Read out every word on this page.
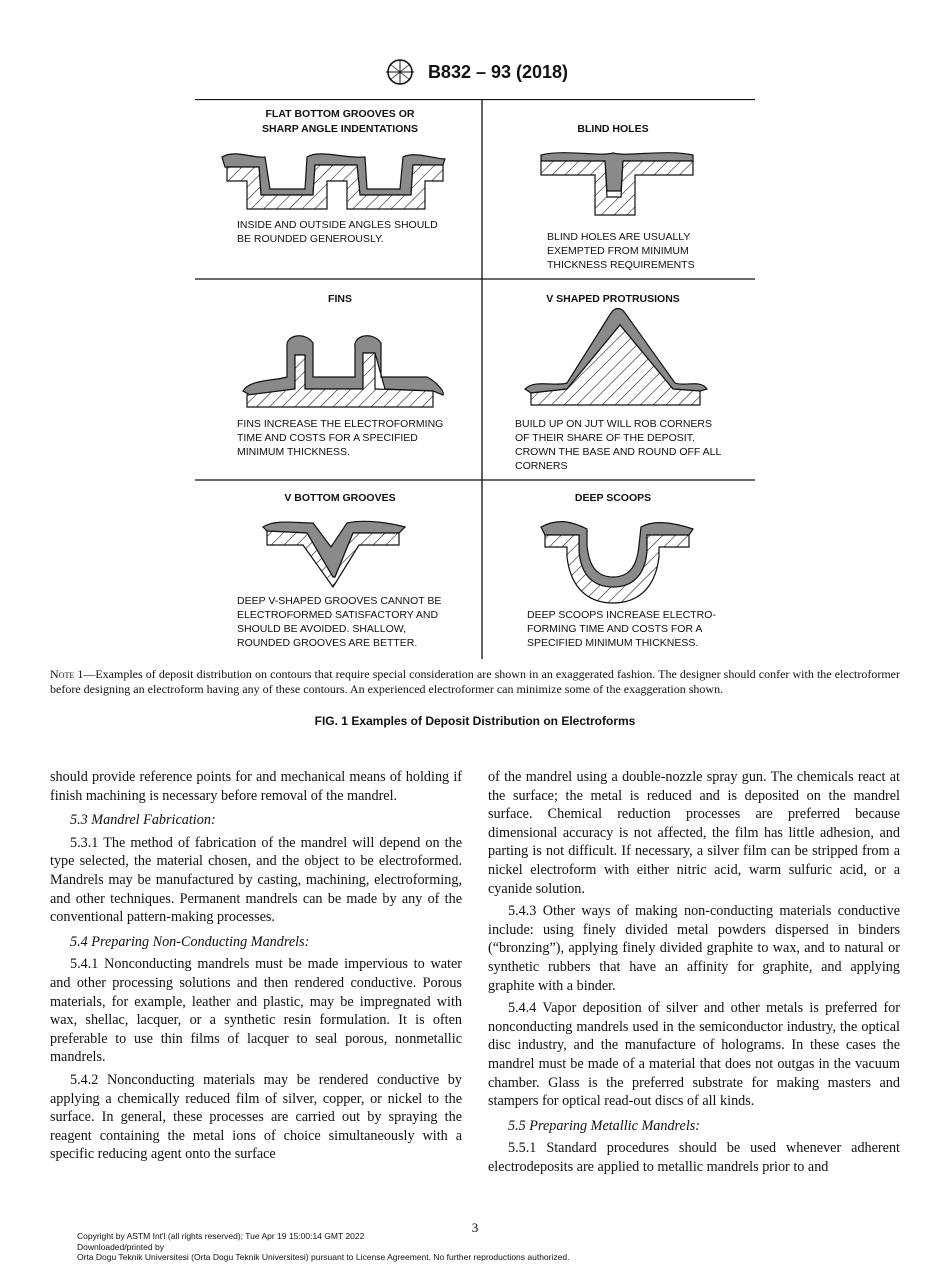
B832 – 93 (2018)
FLAT BOTTOM GROOVES OR
SHARP ANGLE INDENTATIONS
INSIDE AND OUTSIDE ANGLES SHOULD
BE ROUNDED GENEROUSLY.
BLIND HOLES
BLIND HOLES ARE USUALLY
EXEMPTED FROM MINIMUM
THICKNESS REQUIREMENTS
FINS
FINS INCREASE THE ELECTROFORMING
TIME AND COSTS FOR A SPECIFIED
MINIMUM THICKNESS.
V SHAPED PROTRUSIONS
BUILD UP ON JUT WILL ROB CORNERS
OF THEIR SHARE OF THE DEPOSIT.
CROWN THE BASE AND ROUND OFF ALL
CORNERS
V BOTTOM GROOVES
DEEP V-SHAPED GROOVES CANNOT BE
ELECTROFORMED SATISFACTORY AND
SHOULD BE AVOIDED. SHALLOW,
ROUNDED GROOVES ARE BETTER.
DEEP SCOOPS
DEEP SCOOPS INCREASE ELECTRO-
FORMING TIME AND COSTS FOR A
SPECIFIED MINIMUM THICKNESS.
Note 1—Examples of deposit distribution on contours that require special consideration are shown in an exaggerated fashion. The designer should confer with the electroformer before designing an electroform having any of these contours. An experienced electroformer can minimize some of the exaggeration shown.
FIG. 1 Examples of Deposit Distribution on Electroforms

should provide reference points for and mechanical means of holding if finish machining is necessary before removal of the mandrel.

5.3 Mandrel Fabrication:

5.3.1 The method of fabrication of the mandrel will depend on the type selected, the material chosen, and the object to be electroformed. Mandrels may be manufactured by casting, machining, electroforming, and other techniques. Permanent mandrels can be made by any of the conventional pattern-making processes.

5.4 Preparing Non-Conducting Mandrels:

5.4.1 Nonconducting mandrels must be made impervious to water and other processing solutions and then rendered conductive. Porous materials, for example, leather and plastic, may be impregnated with wax, shellac, lacquer, or a synthetic resin formulation. It is often preferable to use thin films of lacquer to seal porous, nonmetallic mandrels.

5.4.2 Nonconducting materials may be rendered conductive by applying a chemically reduced film of silver, copper, or nickel to the surface. In general, these processes are carried out by spraying the reagent containing the metal ions of choice simultaneously with a specific reducing agent onto the surface

of the mandrel using a double-nozzle spray gun. The chemicals react at the surface; the metal is reduced and is deposited on the mandrel surface. Chemical reduction processes are preferred because dimensional accuracy is not affected, the film has little adhesion, and parting is not difficult. If necessary, a silver film can be stripped from a nickel electroform with either nitric acid, warm sulfuric acid, or a cyanide solution.

5.4.3 Other ways of making non-conducting materials conductive include: using finely divided metal powders dispersed in binders (“bronzing”), applying finely divided graphite to wax, and to natural or synthetic rubbers that have an affinity for graphite, and applying graphite with a binder.

5.4.4 Vapor deposition of silver and other metals is preferred for nonconducting mandrels used in the semiconductor industry, the optical disc industry, and the manufacture of holograms. In these cases the mandrel must be made of a material that does not outgas in the vacuum chamber. Glass is the preferred substrate for making masters and stampers for optical read-out discs of all kinds.

5.5 Preparing Metallic Mandrels:

5.5.1 Standard procedures should be used whenever adherent electrodeposits are applied to metallic mandrels prior to and

3
Copyright by ASTM Int'l (all rights reserved); Tue Apr 19 15:00:14 GMT 2022
Downloaded/printed by
Orta Dogu Teknik Universitesi (Orta Dogu Teknik Universitesi) pursuant to License Agreement. No further reproductions authorized.
